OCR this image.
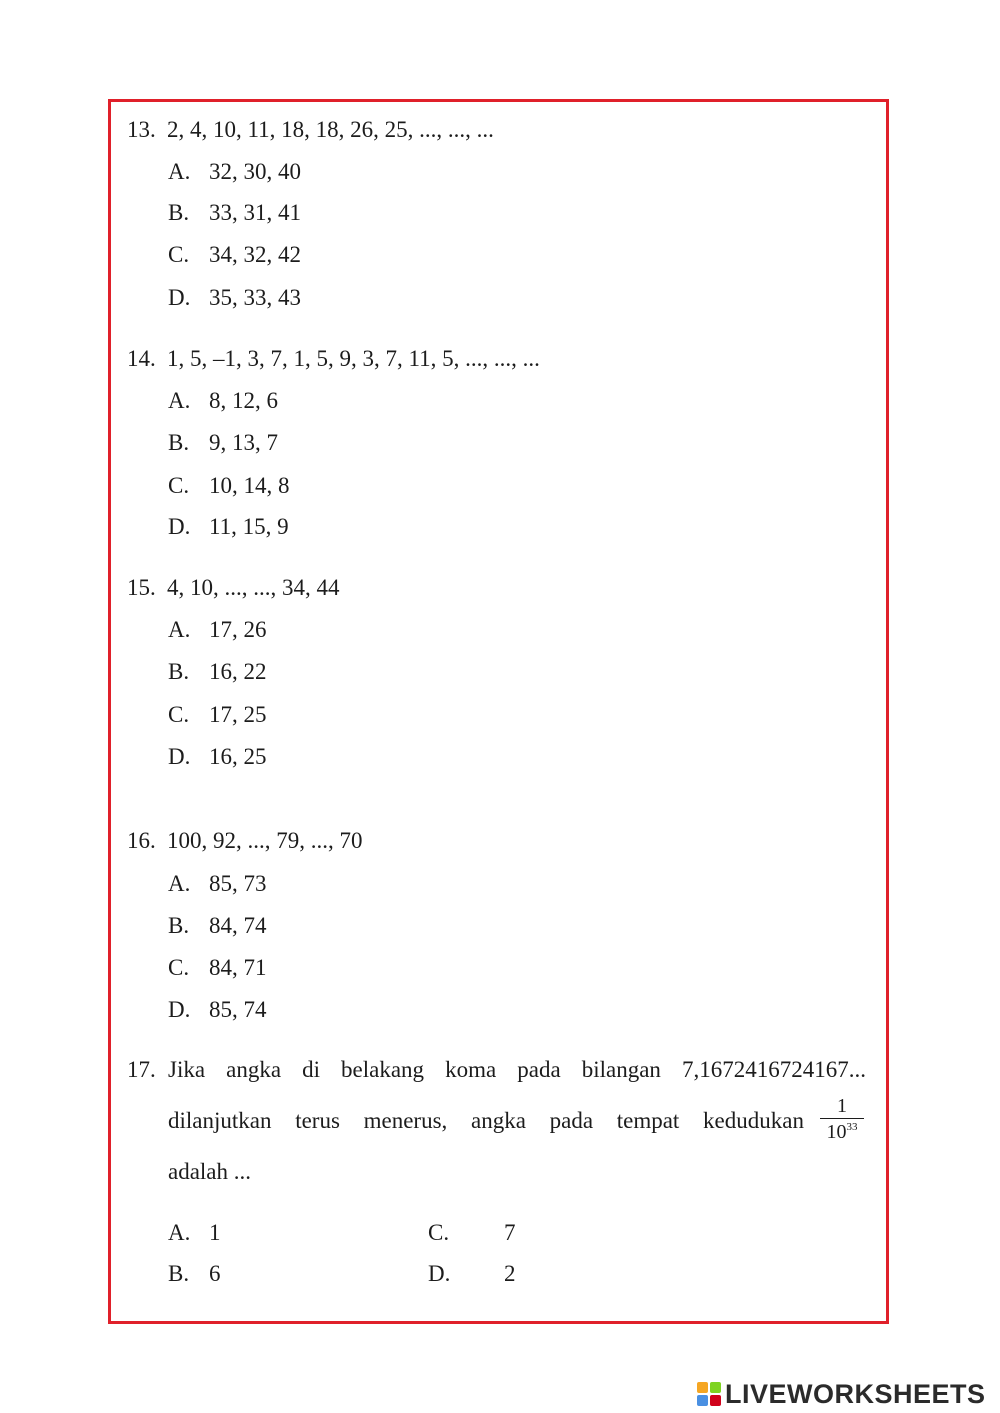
13. 2, 4, 10, 11, 18, 18, 26, 25, ..., ..., ...
A. 32, 30, 40
B. 33, 31, 41
C. 34, 32, 42
D. 35, 33, 43
14. 1, 5, –1, 3, 7, 1, 5, 9, 3, 7, 11, 5, ..., ..., ...
A. 8, 12, 6
B. 9, 13, 7
C. 10, 14, 8
D. 11, 15, 9
15. 4, 10, ..., ..., 34, 44
A. 17, 26
B. 16, 22
C. 17, 25
D. 16, 25
16. 100, 92, ..., 79, ..., 70
A. 85, 73
B. 84, 74
C. 84, 71
D. 85, 74
17. Jika angka di belakang koma pada bilangan 7,1672416724167...
dilanjutkan terus menerus, angka pada tempat kedudukan
1
$10^{33}$
adalah ...
A. 1
B. 6
C. 7
D. 2
LIVEWORKSHEETS
